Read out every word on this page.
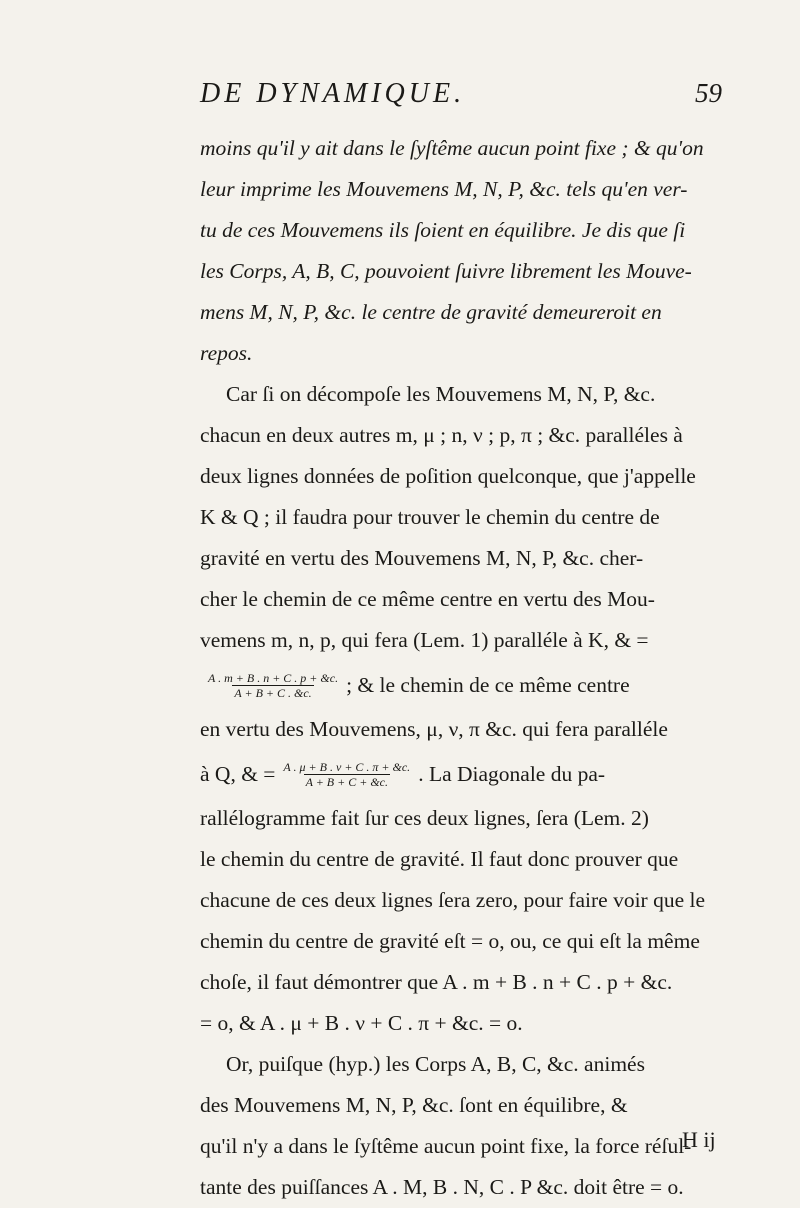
DE DYNAMIQUE.	59
moins qu'il y ait dans le ſyſtême aucun point fixe ; & qu'on
leur imprime les Mouvemens M, N, P, &c. tels qu'en ver-
tu de ces Mouvemens ils ſoient en équilibre. Je dis que ſi
les Corps, A, B, C, pouvoient ſuivre librement les Mouve-
mens M, N, P, &c. le centre de gravité demeureroit en
repos.
Car ſi on décompoſe les Mouvemens M, N, P, &c.
chacun en deux autres m, μ ; n, ν ; p, π ; &c. paralléles à
deux lignes données de poſition quelconque, que j'appelle
K & Q ; il faudra pour trouver le chemin du centre de
gravité en vertu des Mouvemens M, N, P, &c. cher-
cher le chemin de ce même centre en vertu des Mou-
vemens m, n, p, qui fera (Lem. 1) paralléle à K, & =
$\frac{A . m + B . n + C . p + \&c.}{A + B + C . \&c.}$ ; & le chemin de ce même centre
en vertu des Mouvemens, μ, ν, π &c. qui fera paralléle
à Q, & = $\frac{A . \mu + B . \nu + C . \pi + \&c.}{A + B + C + \&c.}$ . La Diagonale du pa-
rallélogramme fait ſur ces deux lignes, ſera (Lem. 2)
le chemin du centre de gravité. Il faut donc prouver que
chacune de ces deux lignes ſera zero, pour faire voir que le
chemin du centre de gravité eſt = o, ou, ce qui eſt la même
choſe, il faut démontrer que A . m + B . n + C . p + &c.
= o, & A . μ + B . ν + C . π + &c. = o.
Or, puiſque (hyp.) les Corps A, B, C, &c. animés
des Mouvemens M, N, P, &c. ſont en équilibre, &
qu'il n'y a dans le ſyſtême aucun point fixe, la force réſul-
tante des puiſſances A . M, B . N, C . P &c. doit être = o.
H ij
